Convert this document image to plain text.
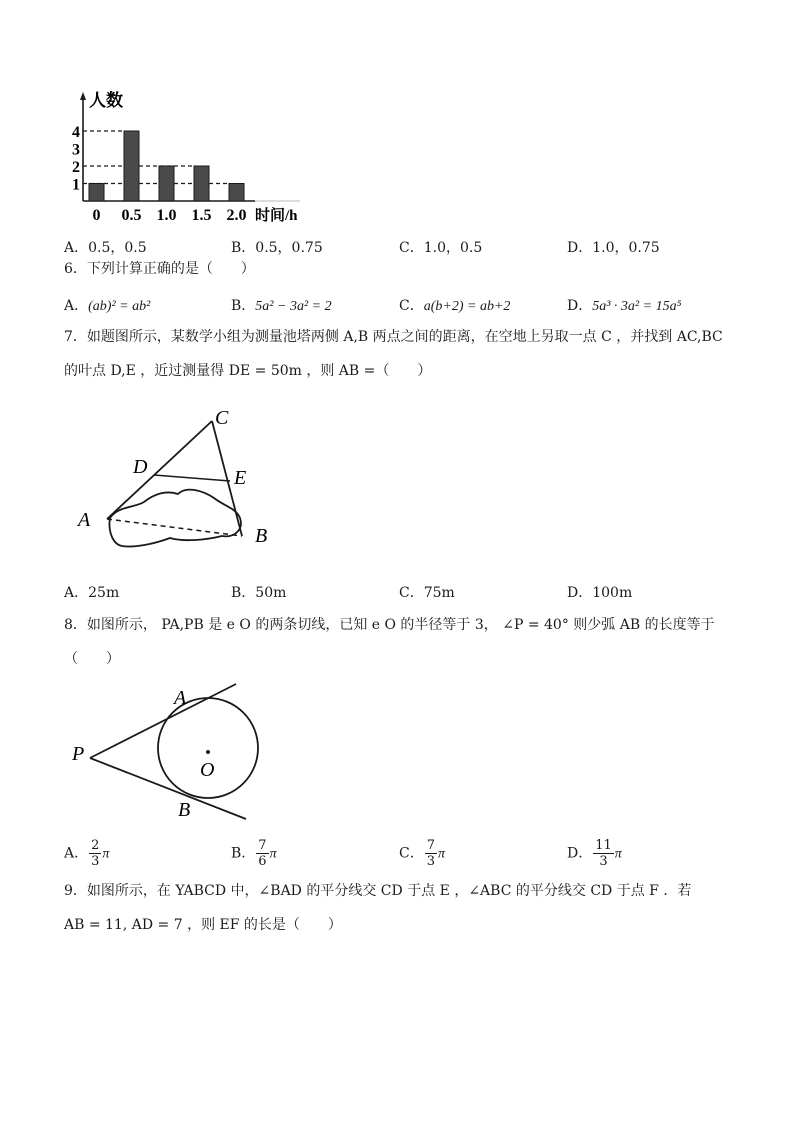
1
2
3
4
0 0.5 1.0 1.5 2.0
人数
时间/h
A．0.5，0.5	B．0.5，0.75	C．1.0，0.5	D．1.0，0.75
6．下列计算正确的是（　　）
A．(ab)² = ab²	B．5a² − 3a² = 2	C．a(b+2) = ab+2	D．5a³ · 3a² = 15a⁵
7．如题图所示，某数学小组为测量池塔两侧 A,B 两点之间的距离，在空地上另取一点 C ，并找到 AC,BC
的叶点 D,E ，近过测量得 DE = 50m ，则 AB =（　　）
C
D	E
A
B
A．25m	B．50m	C．75m	D．100m
8．如图所示， PA,PB 是 e O 的两条切线，已知 e O 的半径等于 3， ∠P = 40° 则少弧 AB 的长度等于
（　　）
A
P
O
B
A． $\frac{2}{3}$ π	B． $\frac{7}{6}$ π	C． $\frac{7}{3}$ π	D． $\frac{11}{3}$ π
9．如图所示，在 YABCD 中，∠BAD 的平分线交 CD 于点 E ，∠ABC 的平分线交 CD 于点 F ．若
AB = 11, AD = 7 ，则 EF 的长是（　　）
